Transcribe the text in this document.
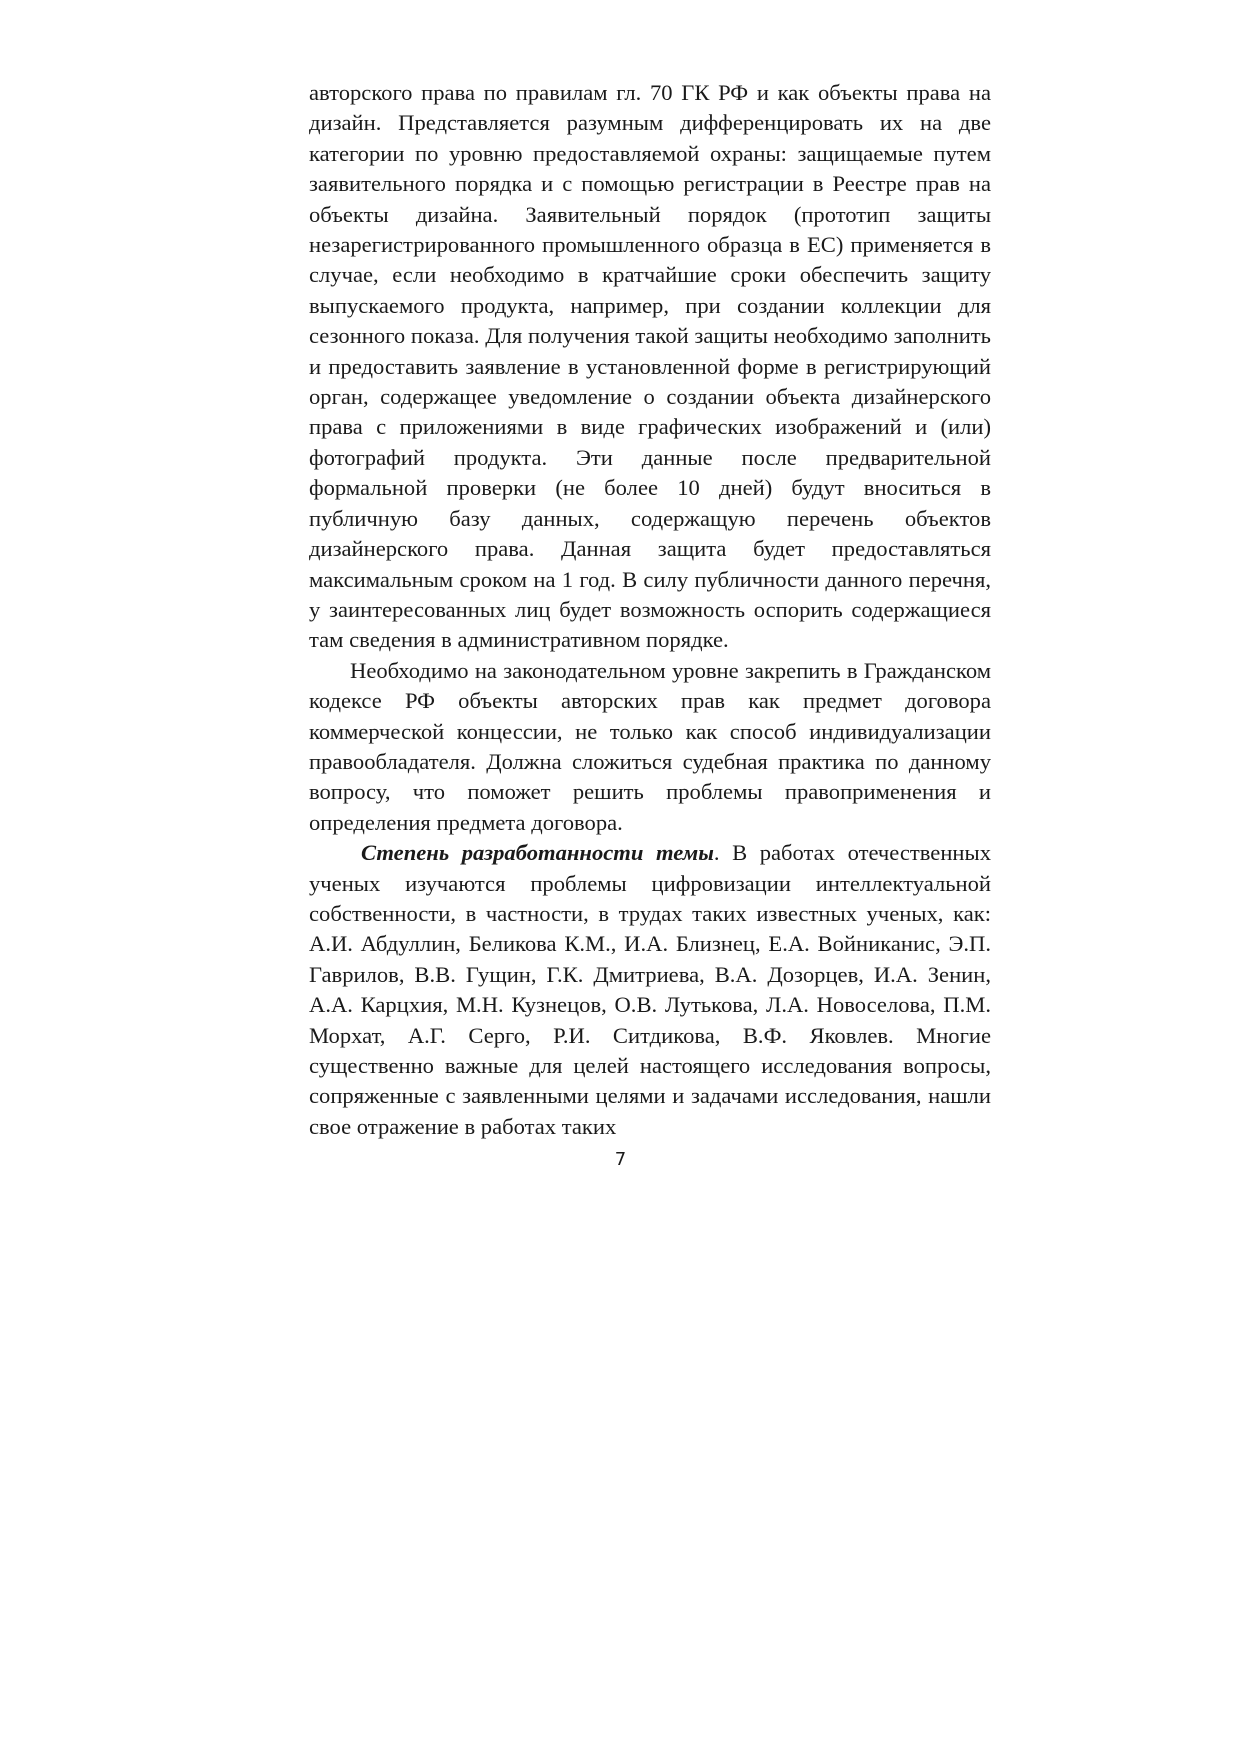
авторского права по правилам гл. 70 ГК РФ и как объекты права на дизайн. Представляется разумным дифференцировать их на две категории по уровню предоставляемой охраны: защищаемые путем заявительного порядка и с помощью регистрации в Реестре прав на объекты дизайна. Заявительный порядок (прототип защиты незарегистрированного промышленного образца в ЕС) применяется в случае, если необходимо в кратчайшие сроки обеспечить защиту выпускаемого продукта, например, при создании коллекции для сезонного показа. Для получения такой защиты необходимо заполнить и предоставить заявление в установленной форме в регистрирующий орган, содержащее уведомление о создании объекта дизайнерского права с приложениями в виде графических изображений и (или) фотографий продукта. Эти данные после предварительной формальной проверки (не более 10 дней) будут вноситься в публичную базу данных, содержащую перечень объектов дизайнерского права. Данная защита будет предоставляться максимальным сроком на 1 год. В силу публичности данного перечня, у заинтересованных лиц будет возможность оспорить содержащиеся там сведения в административном порядке.

Необходимо на законодательном уровне закрепить в Гражданском кодексе РФ объекты авторских прав как предмет договора коммерческой концессии, не только как способ индивидуализации правообладателя. Должна сложиться судебная практика по данному вопросу, что поможет решить проблемы правоприменения и определения предмета договора.

Степень разработанности темы. В работах отечественных ученых изучаются проблемы цифровизации интеллектуальной собственности, в частности, в трудах таких известных ученых, как: А.И. Абдуллин, Беликова К.М., И.А. Близнец, Е.А. Войниканис, Э.П. Гаврилов, В.В. Гущин, Г.К. Дмитриева, В.А. Дозорцев, И.А. Зенин, А.А. Карцхия, М.Н. Кузнецов, О.В. Лутькова, Л.А. Новоселова, П.М. Морхат, А.Г. Серго, Р.И. Ситдикова, В.Ф. Яковлев. Многие существенно важные для целей настоящего исследования вопросы, сопряженные с заявленными целями и задачами исследования, нашли свое отражение в работах таких

7
